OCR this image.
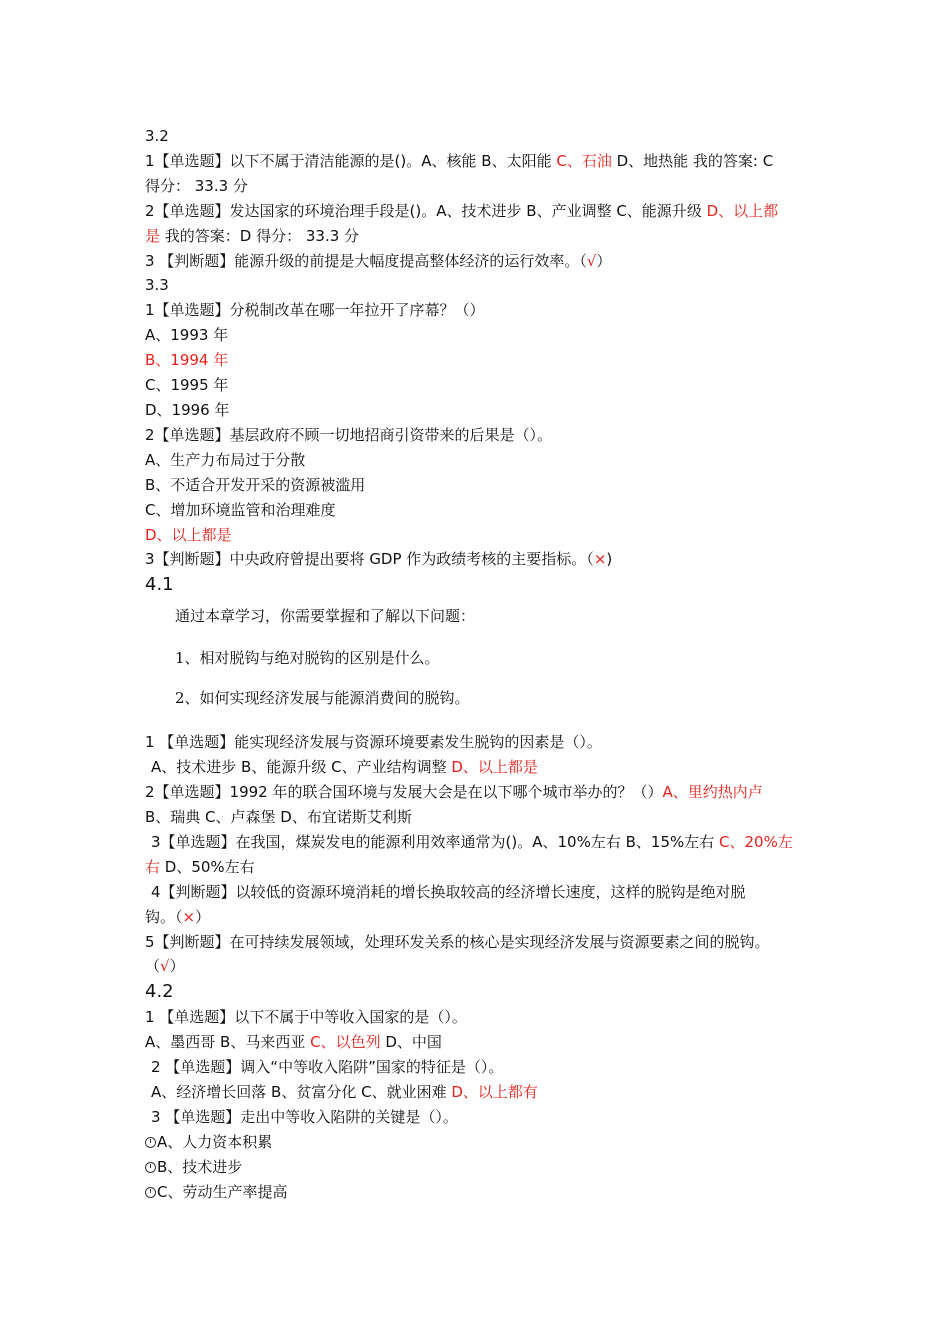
3.2
1【单选题】以下不属于清洁能源的是()。A、核能 B、太阳能 C、石油 D、地热能 我的答案: C
得分： 33.3 分
2【单选题】发达国家的环境治理手段是()。A、技术进步 B、产业调整 C、能源升级 D、以上都
是 我的答案：D 得分： 33.3 分
3 【判断题】能源升级的前提是大幅度提高整体经济的运行效率。（√）
3.3
1【单选题】分税制改革在哪一年拉开了序幕？（）
A、1993 年
B、1994 年
C、1995 年
D、1996 年
2【单选题】基层政府不顾一切地招商引资带来的后果是（）。
A、生产力布局过于分散
B、不适合开发开采的资源被滥用
C、增加环境监管和治理难度
D、以上都是
3【判断题】中央政府曾提出要将 GDP 作为政绩考核的主要指标。（×)
4.1
通过本章学习，你需要掌握和了解以下问题：
1、相对脱钩与绝对脱钩的区别是什么。
2、如何实现经济发展与能源消费间的脱钩。
1 【单选题】能实现经济发展与资源环境要素发生脱钩的因素是（）。
A、技术进步 B、能源升级 C、产业结构调整 D、以上都是
2【单选题】1992 年的联合国环境与发展大会是在以下哪个城市举办的？（）A、里约热内卢
B、瑞典 C、卢森堡 D、布宜诺斯艾利斯
3【单选题】在我国，煤炭发电的能源利用效率通常为()。A、10%左右 B、15%左右 C、20%左
右 D、50%左右
4【判断题】以较低的资源环境消耗的增长换取较高的经济增长速度，这样的脱钩是绝对脱
钩。（×）
5【判断题】在可持续发展领域，处理环发关系的核心是实现经济发展与资源要素之间的脱钩。
（√）
4.2
1 【单选题】以下不属于中等收入国家的是（）。
A、墨西哥 B、马来西亚 C、以色列 D、中国
2 【单选题】调入“中等收入陷阱”国家的特征是（）。
A、经济增长回落 B、贫富分化 C、就业困难 D、以上都有
3 【单选题】走出中等收入陷阱的关键是（）。
A、人力资本积累
B、技术进步
C、劳动生产率提高
